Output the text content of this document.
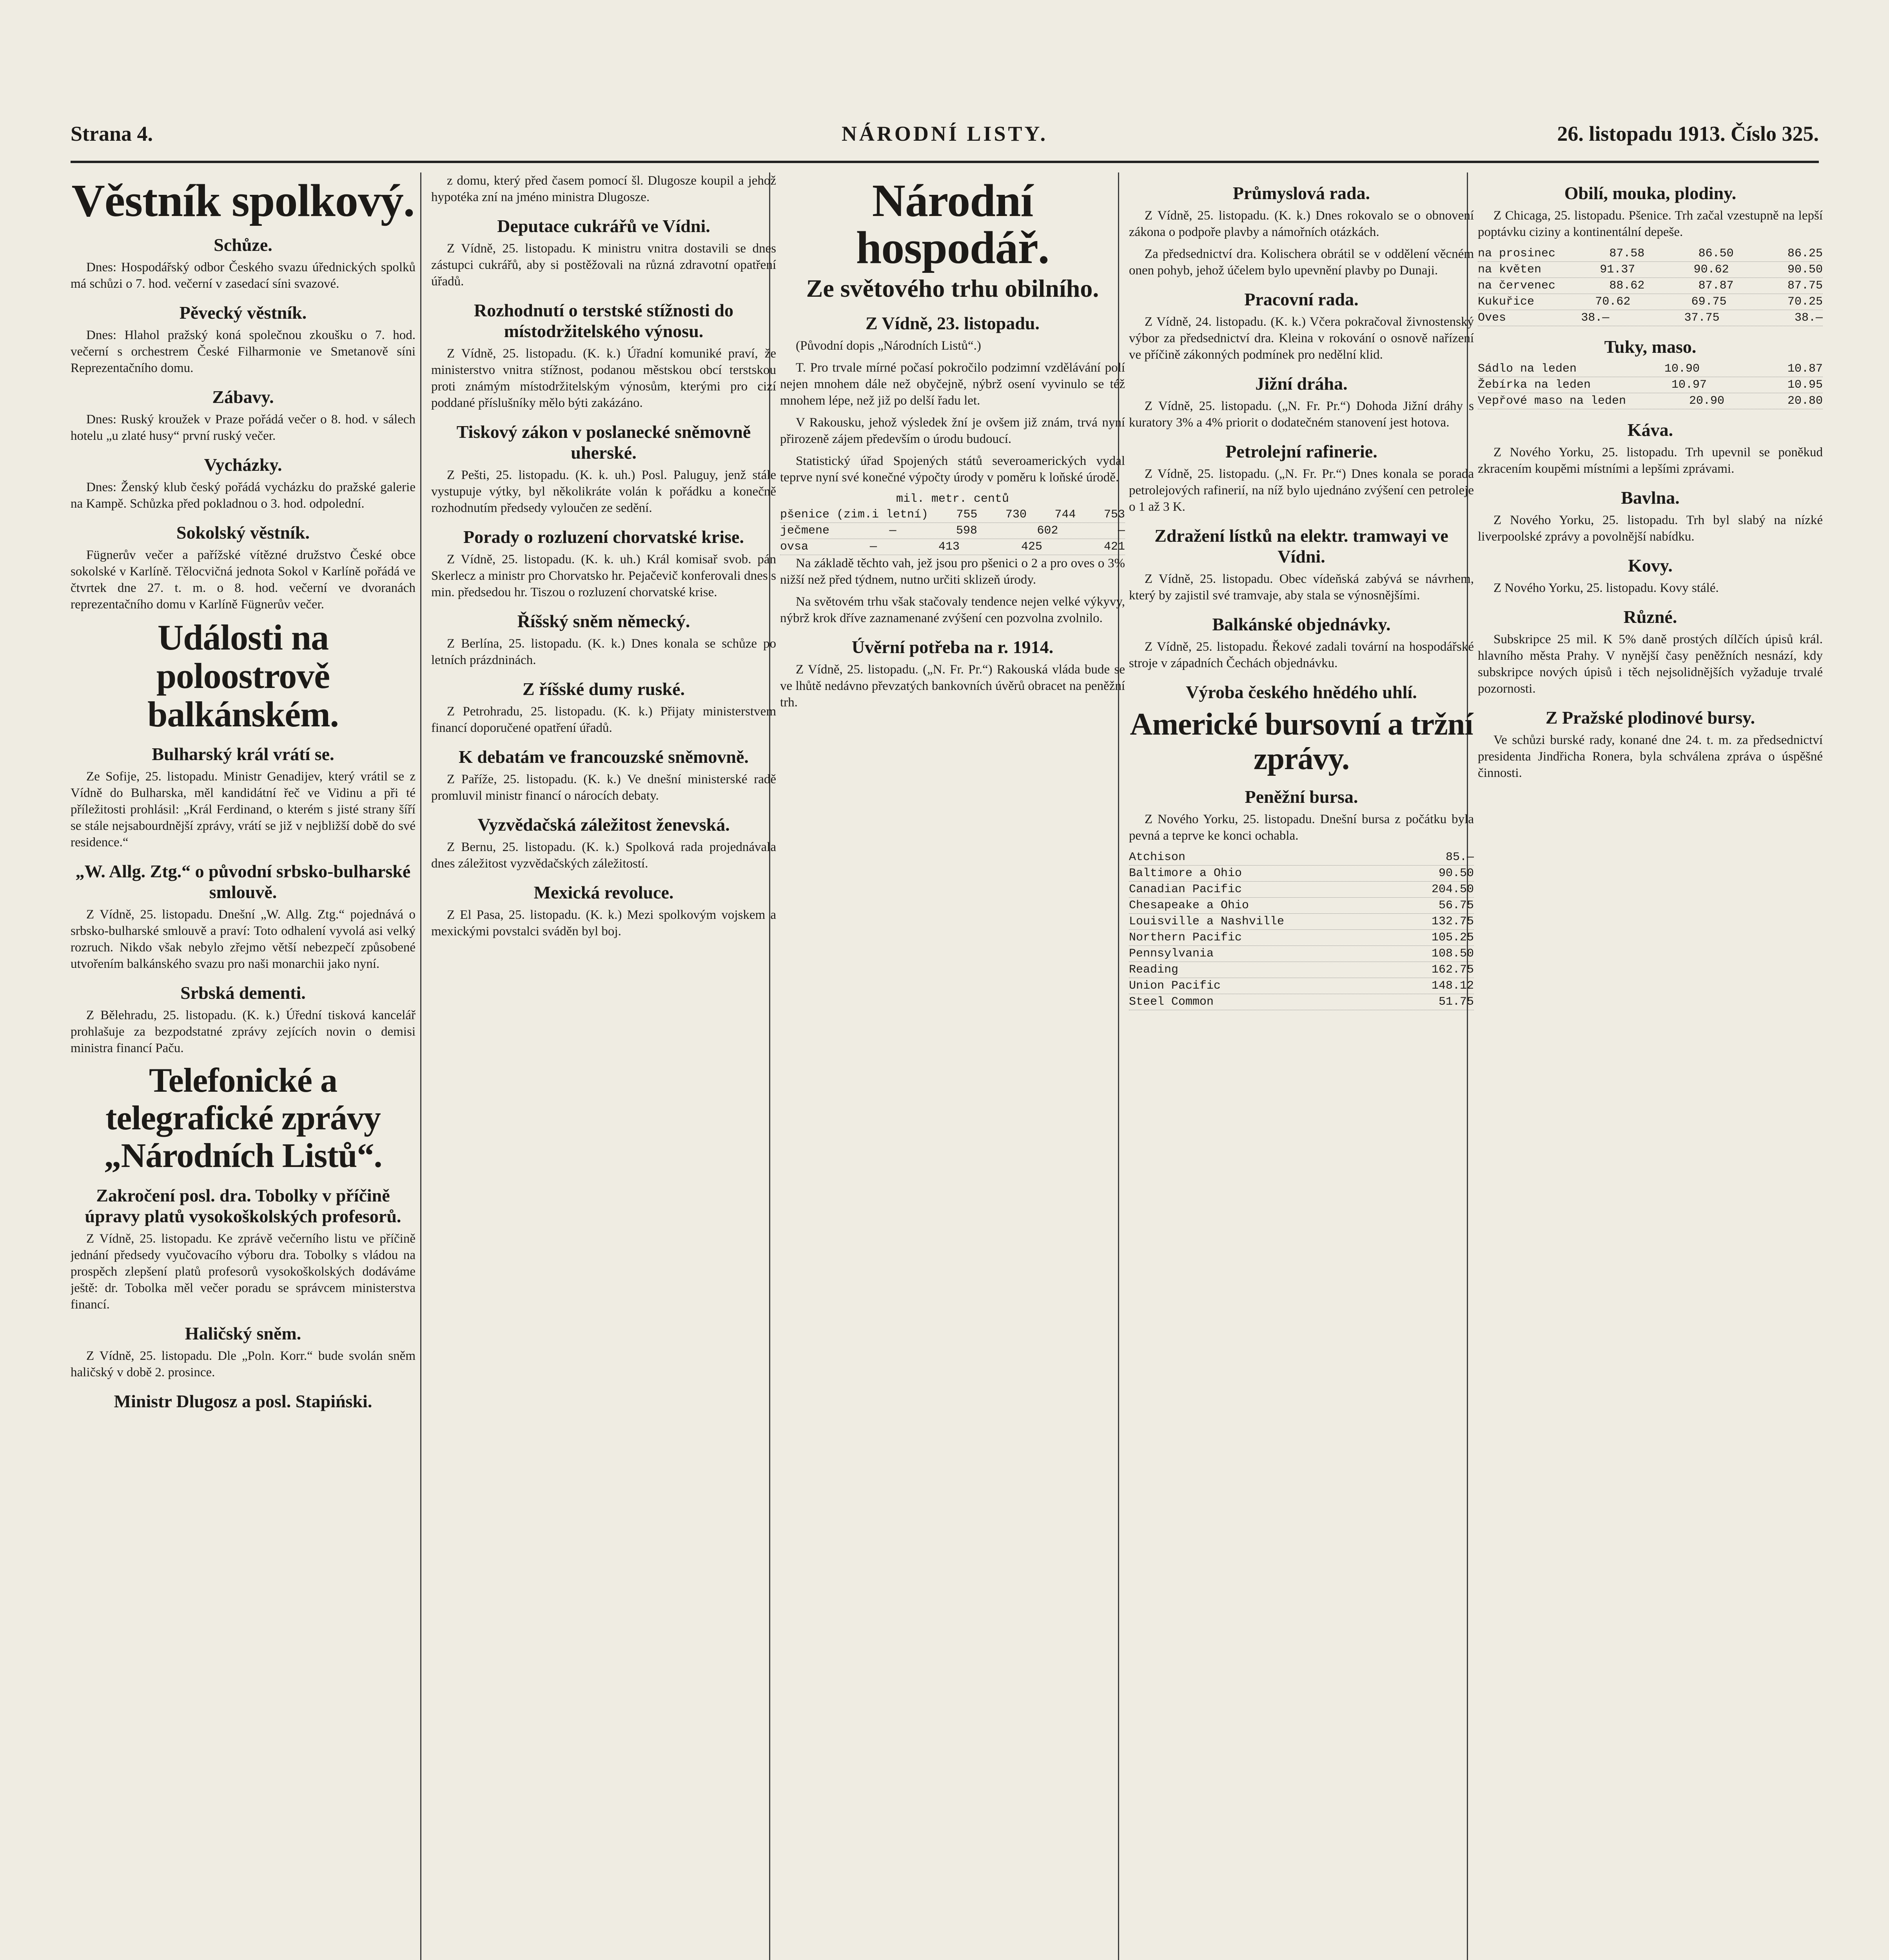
Strana 4.	NÁRODNÍ LISTY.	26. listopadu 1913. Číslo 325.
Věstník spolkový.
Schůze.

Dnes: Hospodářský odbor Českého svazu úřednických spolků má schůzi o 7. hod. večerní v zasedací síni svazové.

Pěvecký věstník.

Dnes: Hlahol pražský koná společnou zkoušku o 7. hod. večerní s orchestrem České Filharmonie ve Smetanově síni Reprezentačního domu.

Zábavy.

Dnes: Ruský kroužek v Praze pořádá večer o 8. hod. v sálech hotelu „u zlaté husy“ první ruský večer.

Vycházky.

Dnes: Ženský klub český pořádá vycházku do pražské galerie na Kampě. Schůzka před pokladnou o 3. hod. odpolední.

Sokolský věstník.

Fügnerův večer a pařížské vítězné družstvo České obce sokolské v Karlíně. Tělocvičná jednota Sokol v Karlíně pořádá ve čtvrtek dne 27. t. m. o 8. hod. večerní ve dvoranách reprezentačního domu v Karlíně Fügnerův večer.

Události na poloostrově balkánském.
Bulharský král vrátí se.

Ze Sofije, 25. listopadu. Ministr Genadijev, který vrátil se z Vídně do Bulharska, měl kandidátní řeč ve Vidinu a při té příležitosti prohlásil: „Král Ferdinand, o kterém s jisté strany šíří se stále nejsabourdnější zprávy, vrátí se již v nejbližší době do své residence.“

„W. Allg. Ztg.“ o původní srbsko-bulharské smlouvě.

Z Vídně, 25. listopadu. Dnešní „W. Allg. Ztg.“ pojednává o srbsko-bulharské smlouvě a praví: Toto odhalení vyvolá asi velký rozruch. Nikdo však nebylo zřejmo větší nebezpečí způsobené utvořením balkánského svazu pro naši monarchii jako nyní.

Srbská dementi.

Z Bělehradu, 25. listopadu. (K. k.) Úřední tisková kancelář prohlašuje za bezpodstatné zprávy zejících novin o demisi ministra financí Paču.

Telefonické a telegrafické zprávy „Národních Listů“.
Zakročení posl. dra. Tobolky v příčině úpravy platů vysokoškolských profesorů.

Z Vídně, 25. listopadu. Ke zprávě večerního listu ve příčině jednání předsedy vyučovacího výboru dra. Tobolky s vládou na prospěch zlepšení platů profesorů vysokoškolských dodáváme ještě: dr. Tobolka měl večer poradu se správcem ministerstva financí.

Haličský sněm.

Z Vídně, 25. listopadu. Dle „Poln. Korr.“ bude svolán sněm haličský v době 2. prosince.

Ministr Dlugosz a posl. Stapiński.

z domu, který před časem pomocí šl. Dlugosze koupil a jehož hypotéka zní na jméno ministra Dlugosze.

Deputace cukrářů ve Vídni.

Z Vídně, 25. listopadu. K ministru vnitra dostavili se dnes zástupci cukrářů, aby si postěžovali na různá zdravotní opatření úřadů.

Rozhodnutí o terstské stížnosti do místodržitelského výnosu.

Z Vídně, 25. listopadu. (K. k.) Úřadní komuniké praví, že ministerstvo vnitra stížnost, podanou městskou obcí terstskou proti známým místodržitelským výnosům, kterými pro cizí poddané příslušníky mělo býti zakázáno.

Tiskový zákon v poslanecké sněmovně uherské.

Z Pešti, 25. listopadu. (K. k. uh.) Posl. Paluguy, jenž stále vystupuje výtky, byl několikráte volán k pořádku a konečně rozhodnutím předsedy vyloučen ze sedění.

Porady o rozluzení chorvatské krise.

Z Vídně, 25. listopadu. (K. k. uh.) Král komisař svob. pán Skerlecz a ministr pro Chorvatsko hr. Pejačevič konferovali dnes s min. předsedou hr. Tiszou o rozluzení chorvatské krise.

Říšský sněm německý.

Z Berlína, 25. listopadu. (K. k.) Dnes konala se schůze po letních prázdninách.

Z říšské dumy ruské.

Z Petrohradu, 25. listopadu. (K. k.) Přijaty ministerstvem financí doporučené opatření úřadů.

K debatám ve francouzské sněmovně.

Z Paříže, 25. listopadu. (K. k.) Ve dnešní ministerské radě promluvil ministr financí o nárocích debaty.

Vyzvědačská záležitost ženevská.

Z Bernu, 25. listopadu. (K. k.) Spolková rada projednávala dnes záležitost vyzvědačských záležitostí.

Mexická revoluce.

Z El Pasa, 25. listopadu. (K. k.) Mezi spolkovým vojskem a mexickými povstalci sváděn byl boj.

Národní hospodář.
Ze světového trhu obilního.
Z Vídně, 23. listopadu.

(Původní dopis „Národních Listů“.)

T. Pro trvale mírné počasí pokročilo podzimní vzdělávání polí nejen mnohem dále než obyčejně, nýbrž osení vyvinulo se též mnohem lépe, než již po delší řadu let.

V Rakousku, jehož výsledek žní je ovšem již znám, trvá nyní přirozeně zájem především o úrodu budoucí.

Statistický úřad Spojených států severoamerických vydal teprve nyní své konečné výpočty úrody v poměru k loňské úrodě.

mil. metr. centů
pšenice (zim.i letní) 755 730 744 753
ječmene	—	598	602	—
ovsa	—	413	425	421

Na základě těchto vah, jež jsou pro pšenici o 2 a pro oves o 3% nižší než před týdnem, nutno určiti sklizeň úrody.

Na světovém trhu však stačovaly tendence nejen velké výkyvy, nýbrž krok dříve zaznamenané zvýšení cen pozvolna zvolnilo.

Úvěrní potřeba na r. 1914.

Z Vídně, 25. listopadu. („N. Fr. Pr.“) Rakouská vláda bude se ve lhůtě nedávno převzatých bankovních úvěrů obracet na peněžní trh.

Průmyslová rada.

Z Vídně, 25. listopadu. (K. k.) Dnes rokovalo se o obnovení zákona o podpoře plavby a námořních otázkách.

Za předsednictví dra. Kolischera obrátil se v oddělení věcném onen pohyb, jehož účelem bylo upevnění plavby po Dunaji.

Pracovní rada.

Z Vídně, 24. listopadu. (K. k.) Včera pokračoval živnostenský výbor za předsednictví dra. Kleina v rokování o osnově nařízení ve příčině zákonných podmínek pro nedělní klid.

Jižní dráha.

Z Vídně, 25. listopadu. („N. Fr. Pr.“) Dohoda Jižní dráhy s kuratory 3% a 4% priorit o dodatečném stanovení jest hotova.

Petrolejní rafinerie.

Z Vídně, 25. listopadu. („N. Fr. Pr.“) Dnes konala se porada petrolejových rafinerií, na níž bylo ujednáno zvýšení cen petroleje o 1 až 3 K.

Zdražení lístků na elektr. tramwayi ve Vídni.

Z Vídně, 25. listopadu. Obec vídeňská zabývá se návrhem, který by zajistil své tramvaje, aby stala se výnosnějšími.

Balkánské objednávky.

Z Vídně, 25. listopadu. Řekové zadali tovární na hospodářské stroje v západních Čechách objednávku.

Výroba českého hnědého uhlí.
Americké bursovní a tržní zprávy.
Peněžní bursa.

Z Nového Yorku, 25. listopadu. Dnešní bursa z počátku byla pevná a teprve ke konci ochabla.

Atchison	85.—
Baltimore a Ohio	90.50
Canadian Pacific	204.50
Chesapeake a Ohio	56.75
Louisville a Nashville	132.75
Northern Pacific	105.25
Pennsylvania	108.50
Reading	162.75
Union Pacific	148.12
Steel Common	51.75
Obilí, mouka, plodiny.

Z Chicaga, 25. listopadu. Pšenice. Trh začal vzestupně na lepší poptávku ciziny a kontinentální depeše.

na prosinec	87.58	86.50	86.25
na květen	91.37	90.62	90.50
na červenec	88.62	87.87	87.75
Kukuřice	70.62	69.75	70.25
Oves	38.—	37.75	38.—
Tuky, maso.
Sádlo na leden	10.90	10.87
Žebírka na leden	10.97	10.95
Vepřové maso na leden	20.90	20.80
Káva.

Z Nového Yorku, 25. listopadu. Trh upevnil se poněkud zkracením koupěmi místními a lepšími zprávami.

Bavlna.

Z Nového Yorku, 25. listopadu. Trh byl slabý na nízké liverpoolské zprávy a povolnější nabídku.

Kovy.

Z Nového Yorku, 25. listopadu. Kovy stálé.

Různé.

Subskripce 25 mil. K 5% daně prostých dílčích úpisů král. hlavního města Prahy. V nynější časy peněžních nesnází, kdy subskripce nových úpisů i těch nejsolidnějších vyžaduje trvalé pozornosti.

Z Pražské plodinové bursy.

Ve schůzi burské rady, konané dne 24. t. m. za předsednictví presidenta Jindřicha Ronera, byla schválena zpráva o úspěšné činnosti.
